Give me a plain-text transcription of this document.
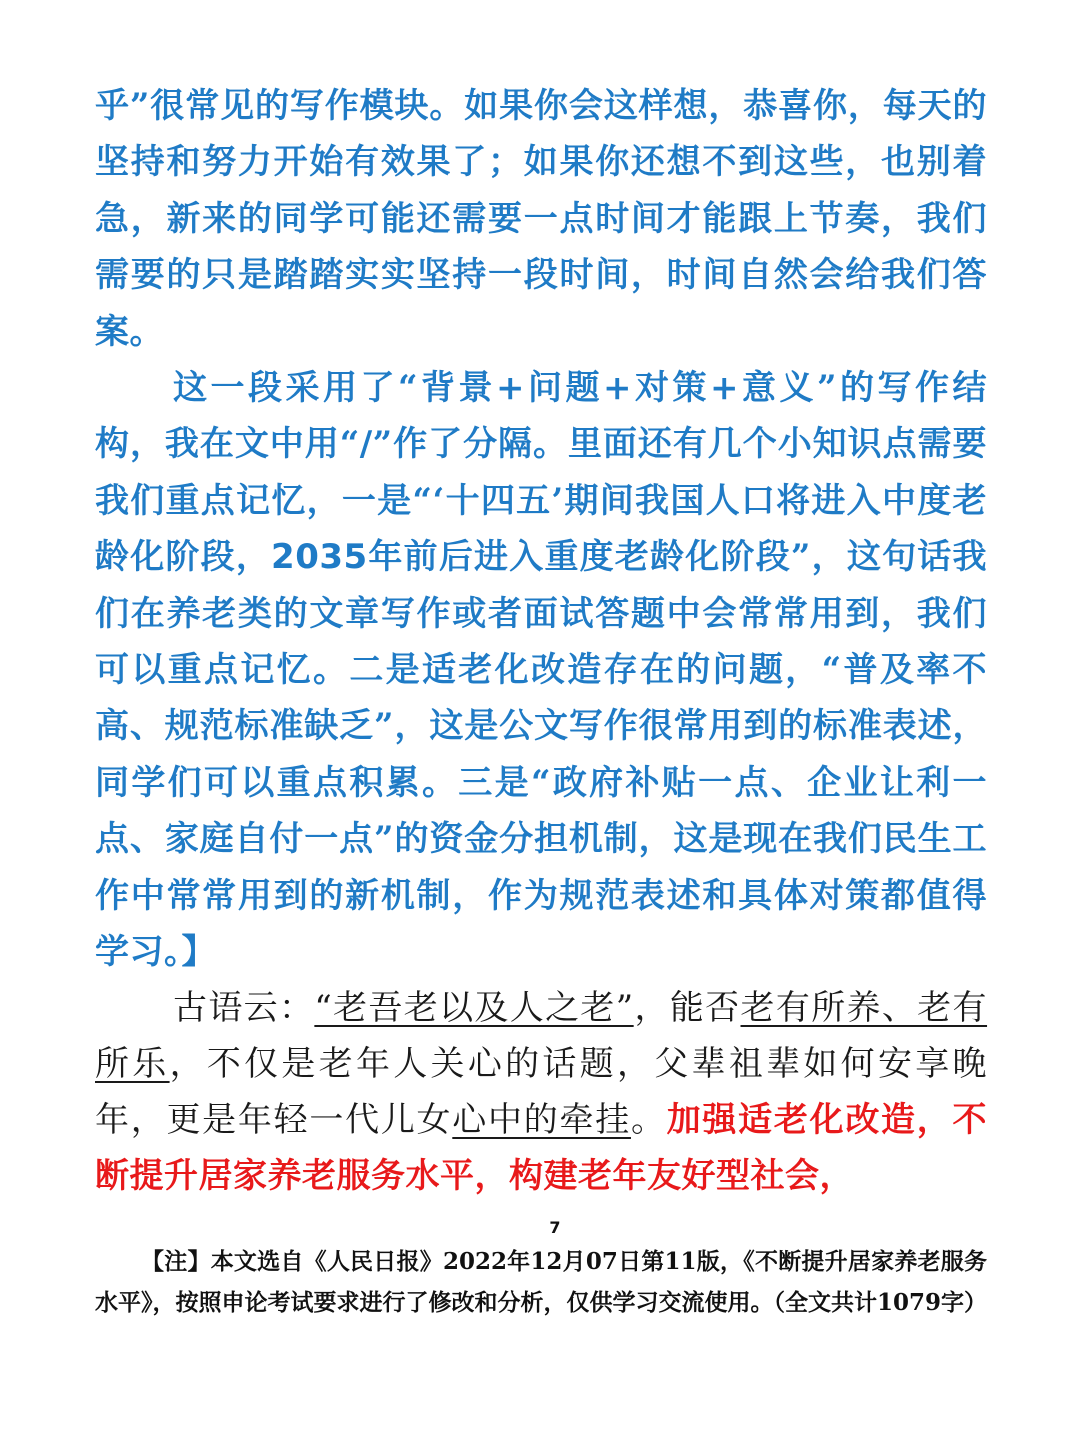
乎”很常见的写作模块。如果你会这样想，恭喜你，每天的坚持和努力开始有效果了；如果你还想不到这些，也别着急，新来的同学可能还需要一点时间才能跟上节奏，我们需要的只是踏踏实实坚持一段时间，时间自然会给我们答案。

这一段采用了“背景+问题+对策+意义”的写作结构，我在文中用“/”作了分隔。里面还有几个小知识点需要我们重点记忆，一是“‘十四五’期间我国人口将进入中度老龄化阶段，2035年前后进入重度老龄化阶段”，这句话我们在养老类的文章写作或者面试答题中会常常用到，我们可以重点记忆。二是适老化改造存在的问题，“普及率不高、规范标准缺乏”，这是公文写作很常用到的标准表述，同学们可以重点积累。三是“政府补贴一点、企业让利一点、家庭自付一点”的资金分担机制，这是现在我们民生工作中常常用到的新机制，作为规范表述和具体对策都值得学习。】

古语云：“老吾老以及人之老”，能否老有所养、老有所乐，不仅是老年人关心的话题，父辈祖辈如何安享晚年，更是年轻一代儿女心中的牵挂。加强适老化改造，不断提升居家养老服务水平，构建老年友好型社会，

7

【注】本文选自《人民日报》2022年12月07日第11版，《不断提升居家养老服务水平》，按照申论考试要求进行了修改和分析，仅供学习交流使用。（全文共计1079字）
